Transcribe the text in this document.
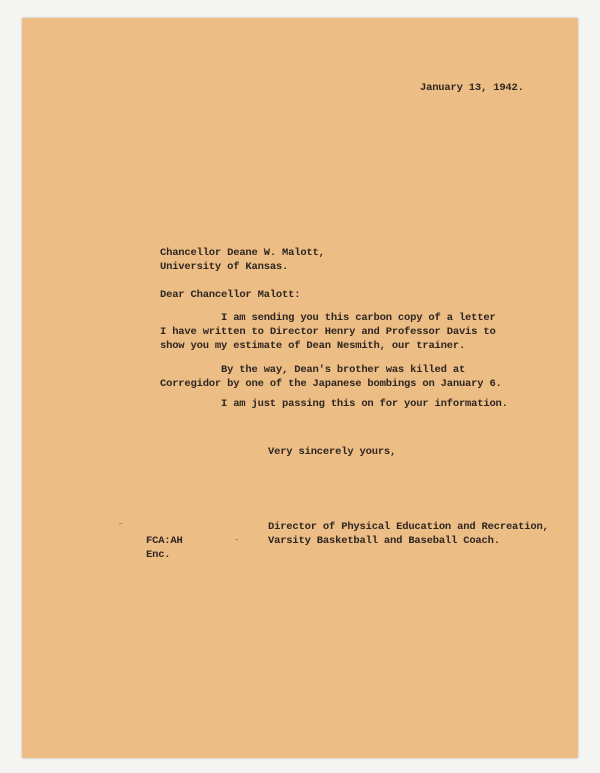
January 13, 1942.
Chancellor Deane W. Malott,
University of Kansas.
Dear Chancellor Malott:
I am sending you this carbon copy of a letter
I have written to Director Henry and Professor Davis to
show you my estimate of Dean Nesmith, our trainer.
By the way, Dean's brother was killed at
Corregidor by one of the Japanese bombings on January 6.
I am just passing this on for your information.
Very sincerely yours,
Director of Physical Education and Recreation,
Varsity Basketball and Baseball Coach.
FCA:AH
Enc.
